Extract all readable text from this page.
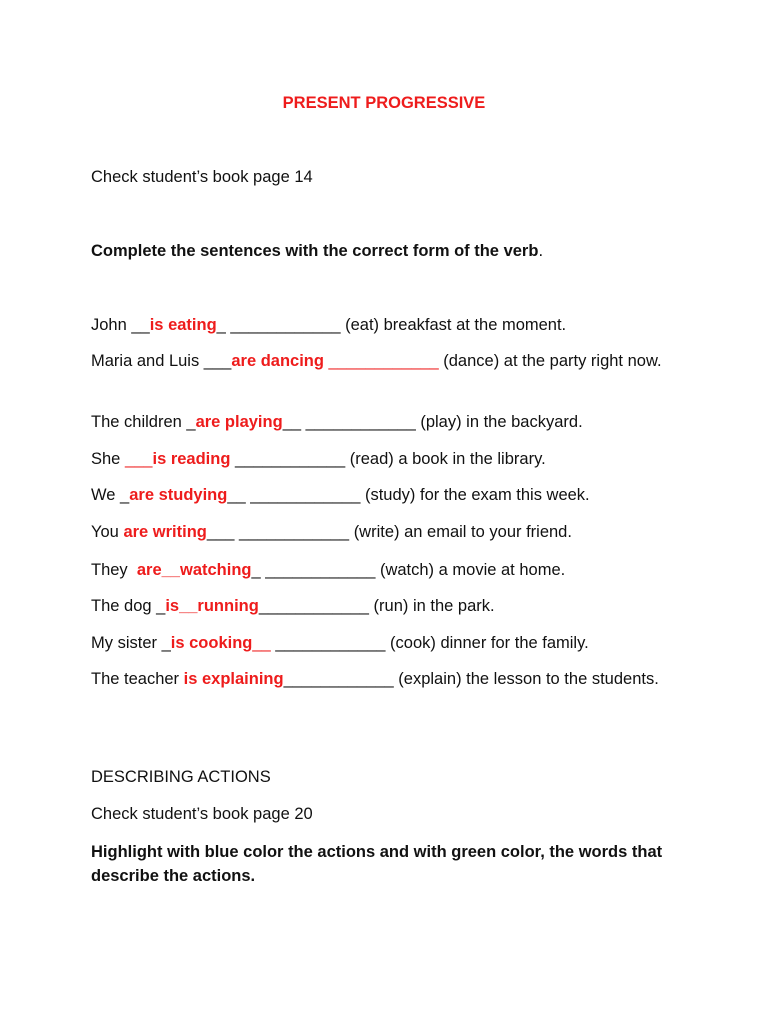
PRESENT PROGRESSIVE
Check student’s book page 14
Complete the sentences with the correct form of the verb.
John __is eating_ ____________ (eat) breakfast at the moment.
Maria and Luis ___are dancing ____________ (dance) at the party right now.
The children _are playing__ ____________ (play) in the backyard.
She ___is reading ____________ (read) a book in the library.
We _are studying__ ____________ (study) for the exam this week.
You are writing___ ____________ (write) an email to your friend.
They  are__watching_ ____________ (watch) a movie at home.
The dog _is__running____________ (run) in the park.
My sister _is cooking__ ____________ (cook) dinner for the family.
The teacher is explaining____________ (explain) the lesson to the students.
DESCRIBING ACTIONS
Check student’s book page 20
Highlight with blue color the actions and with green color, the words that describe the actions.
